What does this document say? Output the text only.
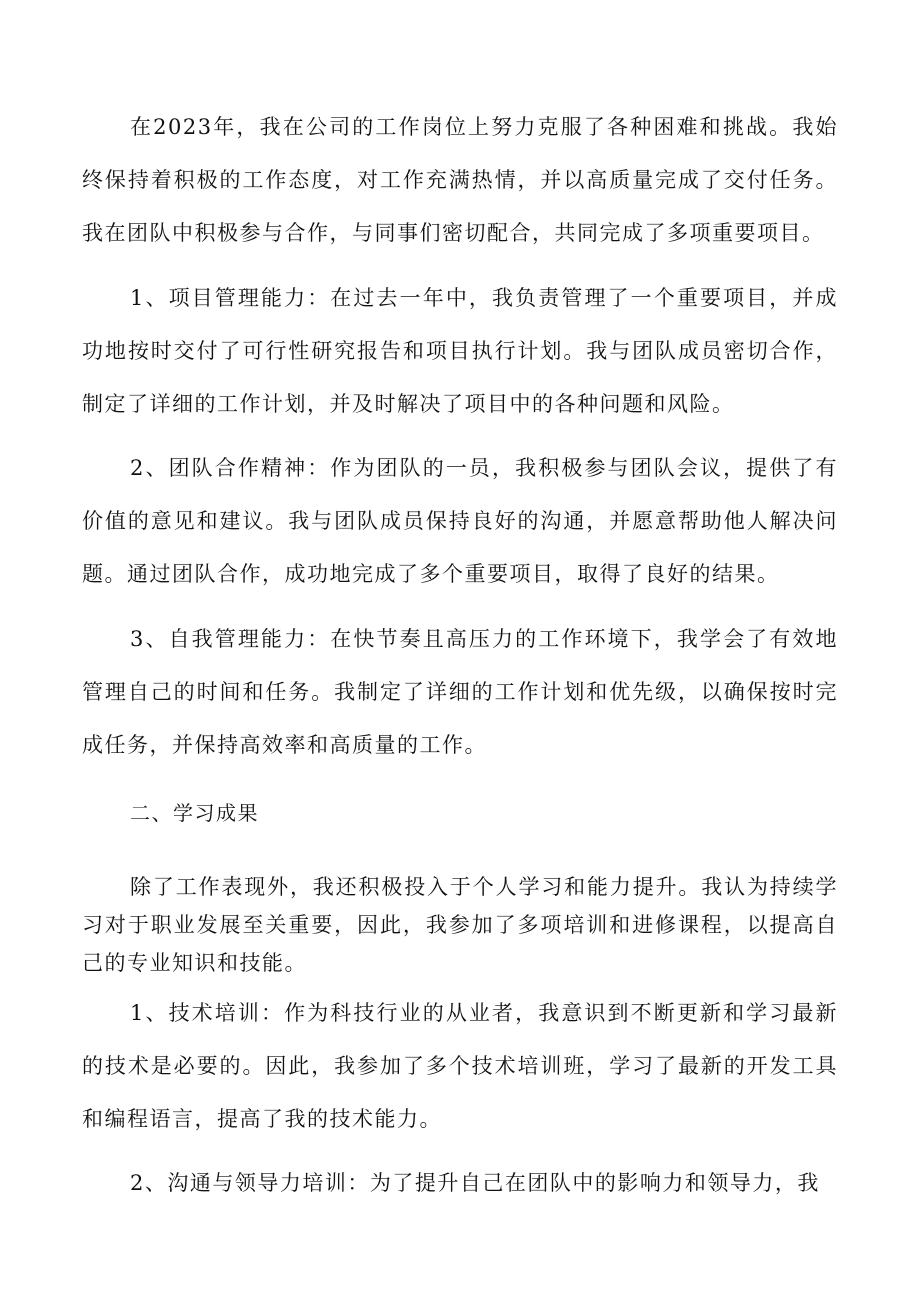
在2023年，我在公司的工作岗位上努力克服了各种困难和挑战。我始终保持着积极的工作态度，对工作充满热情，并以高质量完成了交付任务。我在团队中积极参与合作，与同事们密切配合，共同完成了多项重要项目。

1、项目管理能力：在过去一年中，我负责管理了一个重要项目，并成功地按时交付了可行性研究报告和项目执行计划。我与团队成员密切合作，制定了详细的工作计划，并及时解决了项目中的各种问题和风险。

2、团队合作精神：作为团队的一员，我积极参与团队会议，提供了有价值的意见和建议。我与团队成员保持良好的沟通，并愿意帮助他人解决问题。通过团队合作，成功地完成了多个重要项目，取得了良好的结果。

3、自我管理能力：在快节奏且高压力的工作环境下，我学会了有效地管理自己的时间和任务。我制定了详细的工作计划和优先级，以确保按时完成任务，并保持高效率和高质量的工作。

二、学习成果

除了工作表现外，我还积极投入于个人学习和能力提升。我认为持续学习对于职业发展至关重要，因此，我参加了多项培训和进修课程，以提高自己的专业知识和技能。

1、技术培训：作为科技行业的从业者，我意识到不断更新和学习最新的技术是必要的。因此，我参加了多个技术培训班，学习了最新的开发工具和编程语言，提高了我的技术能力。

2、沟通与领导力培训：为了提升自己在团队中的影响力和领导力，我
